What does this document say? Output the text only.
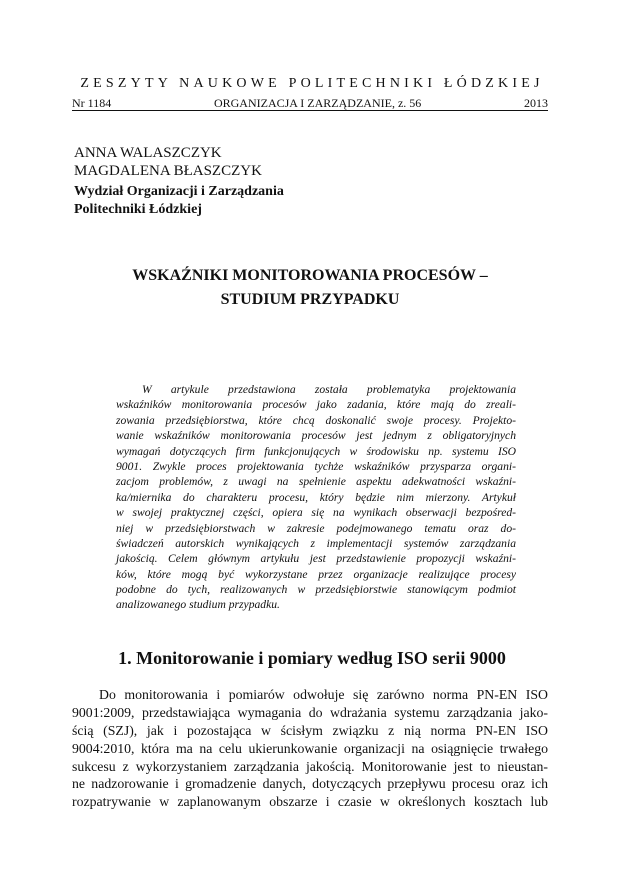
ZESZYTY NAUKOWE POLITECHNIKI ŁÓDZKIEJ
Nr 1184	ORGANIZACJA I ZARZĄDZANIE, z. 56	2013
ANNA WALASZCZYK
MAGDALENA BŁASZCZYK
Wydział Organizacji i Zarządzania
Politechniki Łódzkiej
WSKAŹNIKI MONITOROWANIA PROCESÓW –
STUDIUM PRZYPADKU
W artykule przedstawiona została problematyka projektowania
wskaźników monitorowania procesów jako zadania, które mają do zreali-
zowania przedsiębiorstwa, które chcą doskonalić swoje procesy. Projekto-
wanie wskaźników monitorowania procesów jest jednym z obligatoryjnych
wymagań dotyczących firm funkcjonujących w środowisku np. systemu ISO
9001. Zwykle proces projektowania tychże wskaźników przysparza organi-
zacjom problemów, z uwagi na spełnienie aspektu adekwatności wskaźni-
ka/miernika do charakteru procesu, który będzie nim mierzony. Artykuł
w swojej praktycznej części, opiera się na wynikach obserwacji bezpośred-
niej w przedsiębiorstwach w zakresie podejmowanego tematu oraz do-
świadczeń autorskich wynikających z implementacji systemów zarządzania
jakością. Celem głównym artykułu jest przedstawienie propozycji wskaźni-
ków, które mogą być wykorzystane przez organizacje realizujące procesy
podobne do tych, realizowanych w przedsiębiorstwie stanowiącym podmiot
analizowanego studium przypadku.
1. Monitorowanie i pomiary według ISO serii 9000
Do monitorowania i pomiarów odwołuje się zarówno norma PN-EN ISO
9001:2009, przedstawiająca wymagania do wdrażania systemu zarządzania jako-
ścią (SZJ), jak i pozostająca w ścisłym związku z nią norma PN-EN ISO
9004:2010, która ma na celu ukierunkowanie organizacji na osiągnięcie trwałego
sukcesu z wykorzystaniem zarządzania jakością. Monitorowanie jest to nieustan-
ne nadzorowanie i gromadzenie danych, dotyczących przepływu procesu oraz ich
rozpatrywanie w zaplanowanym obszarze i czasie w określonych kosztach lub
